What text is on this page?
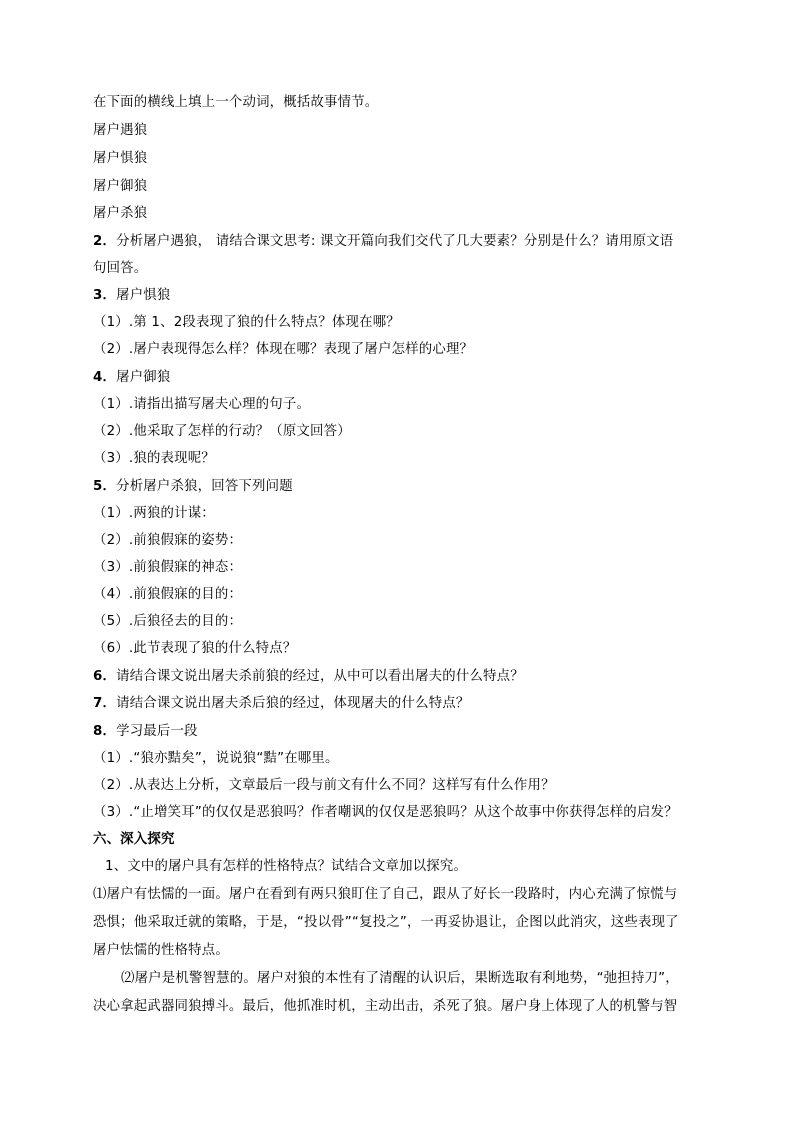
在下面的横线上填上一个动词，概括故事情节。
屠户遇狼
屠户惧狼
屠户御狼
屠户杀狼
2．分析屠户遇狼， 请结合课文思考: 课文开篇向我们交代了几大要素？分别是什么？请用原文语
句回答。
3．屠户惧狼
（1）.第 1、2段表现了狼的什么特点？体现在哪？
（2）.屠户表现得怎么样？体现在哪？表现了屠户怎样的心理？
4．屠户御狼
（1）.请指出描写屠夫心理的句子。
（2）.他采取了怎样的行动？（原文回答）
（3）.狼的表现呢？
5．分析屠户杀狼，回答下列问题
（1）.两狼的计谋：
（2）.前狼假寐的姿势：
（3）.前狼假寐的神态：
（4）.前狼假寐的目的：
（5）.后狼径去的目的：
（6）.此节表现了狼的什么特点？
6．请结合课文说出屠夫杀前狼的经过，从中可以看出屠夫的什么特点？
7．请结合课文说出屠夫杀后狼的经过，体现屠夫的什么特点？
8．学习最后一段
（1）.“狼亦黠矣”，说说狼“黠”在哪里。
（2）.从表达上分析，文章最后一段与前文有什么不同？这样写有什么作用？
（3）.“止增笑耳”的仅仅是恶狼吗？作者嘲讽的仅仅是恶狼吗？从这个故事中你获得怎样的启发？
六、深入探究
1、文中的屠户具有怎样的性格特点？试结合文章加以探究。
⑴屠户有怯懦的一面。屠户在看到有两只狼盯住了自己，跟从了好长一段路时，内心充满了惊慌与
恐惧；他采取迁就的策略，于是，“投以骨”“复投之”，一再妥协退让，企图以此消灾，这些表现了
屠户怯懦的性格特点。
⑵屠户是机警智慧的。屠户对狼的本性有了清醒的认识后，果断选取有利地势，“弛担持刀”，
决心拿起武器同狼搏斗。最后，他抓准时机，主动出击，杀死了狼。屠户身上体现了人的机警与智
